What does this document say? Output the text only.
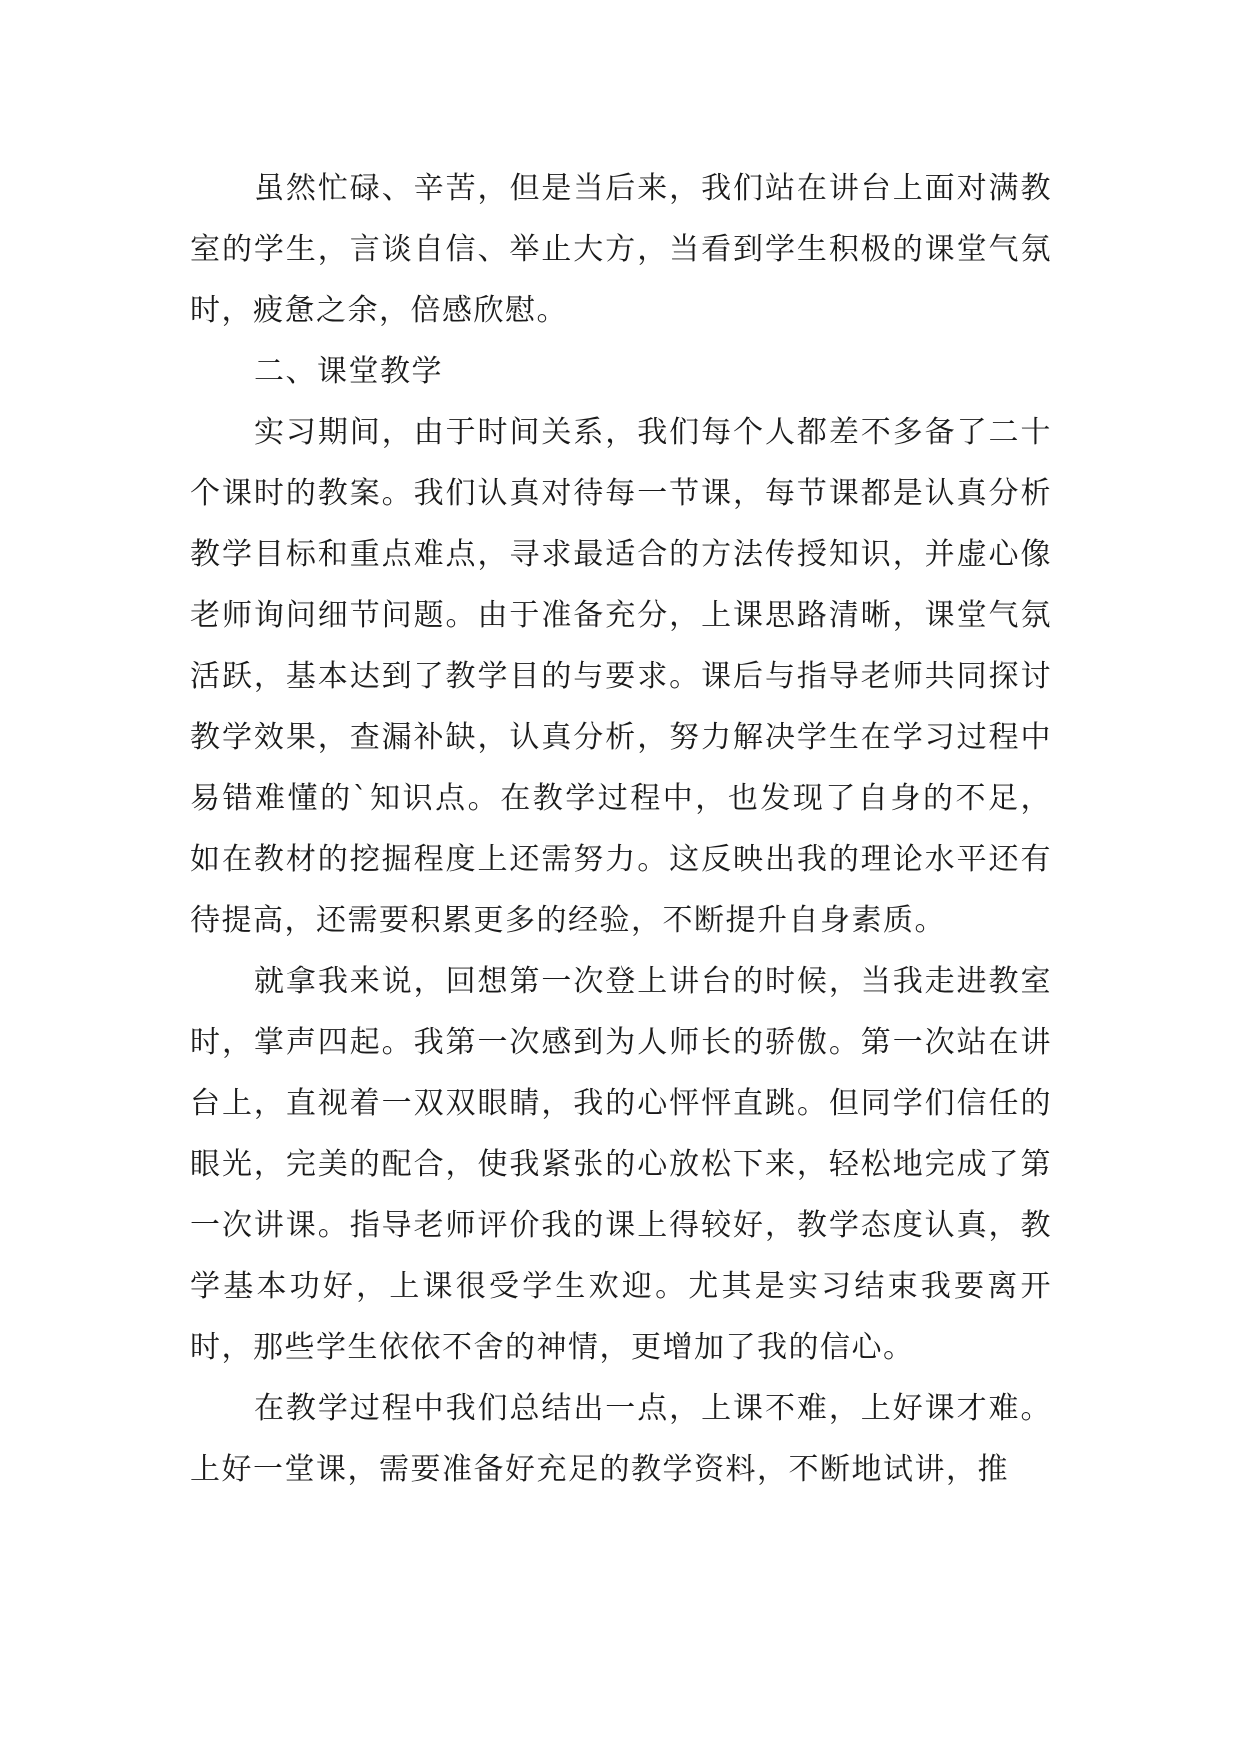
虽然忙碌、辛苦，但是当后来，我们站在讲台上面对满教室的学生，言谈自信、举止大方，当看到学生积极的课堂气氛时，疲惫之余，倍感欣慰。

二、课堂教学

实习期间，由于时间关系，我们每个人都差不多备了二十个课时的教案。我们认真对待每一节课，每节课都是认真分析教学目标和重点难点，寻求最适合的方法传授知识，并虚心像老师询问细节问题。由于准备充分，上课思路清晰，课堂气氛活跃，基本达到了教学目的与要求。课后与指导老师共同探讨教学效果，查漏补缺，认真分析，努力解决学生在学习过程中易错难懂的`知识点。在教学过程中，也发现了自身的不足，如在教材的挖掘程度上还需努力。这反映出我的理论水平还有待提高，还需要积累更多的经验，不断提升自身素质。

就拿我来说，回想第一次登上讲台的时候，当我走进教室时，掌声四起。我第一次感到为人师长的骄傲。第一次站在讲台上，直视着一双双眼睛，我的心怦怦直跳。但同学们信任的眼光，完美的配合，使我紧张的心放松下来，轻松地完成了第一次讲课。指导老师评价我的课上得较好，教学态度认真，教学基本功好，上课很受学生欢迎。尤其是实习结束我要离开时，那些学生依依不舍的神情，更增加了我的信心。

在教学过程中我们总结出一点，上课不难，上好课才难。上好一堂课，需要准备好充足的教学资料，不断地试讲，推
